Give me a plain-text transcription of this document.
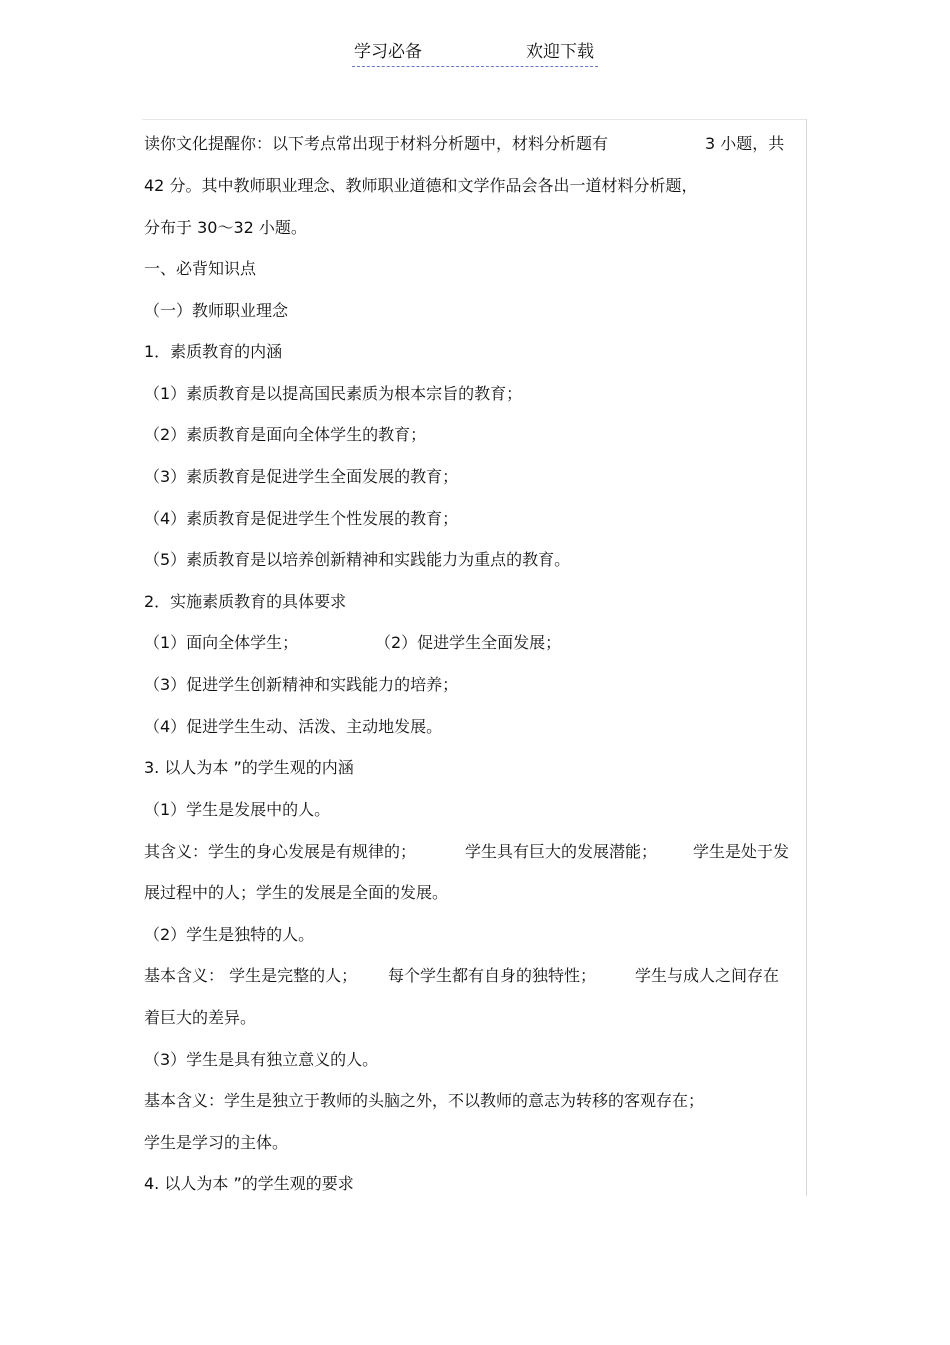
学习必备	欢迎下载
读你文化提醒你：以下考点常出现于材料分析题中，材料分析题有	3 小题，共
42 分。其中教师职业理念、教师职业道德和文学作品会各出一道材料分析题，
分布于 30～32 小题。
一、必背知识点
（一）教师职业理念
1．素质教育的内涵
（1）素质教育是以提高国民素质为根本宗旨的教育；
（2）素质教育是面向全体学生的教育；
（3）素质教育是促进学生全面发展的教育；
（4）素质教育是促进学生个性发展的教育；
（5）素质教育是以培养创新精神和实践能力为重点的教育。
2．实施素质教育的具体要求
（1）面向全体学生；	（2）促进学生全面发展；
（3）促进学生创新精神和实践能力的培养；
（4）促进学生生动、活泼、主动地发展。
3. 以人为本 ”的学生观的内涵
（1）学生是发展中的人。
其含义：学生的身心发展是有规律的；	学生具有巨大的发展潜能； 学生是处于发
展过程中的人；学生的发展是全面的发展。
（2）学生是独特的人。
基本含义： 学生是完整的人； 每个学生都有自身的独特性； 学生与成人之间存在
着巨大的差异。
（3）学生是具有独立意义的人。
基本含义：学生是独立于教师的头脑之外，不以教师的意志为转移的客观存在；
学生是学习的主体。
4. 以人为本 ”的学生观的要求
